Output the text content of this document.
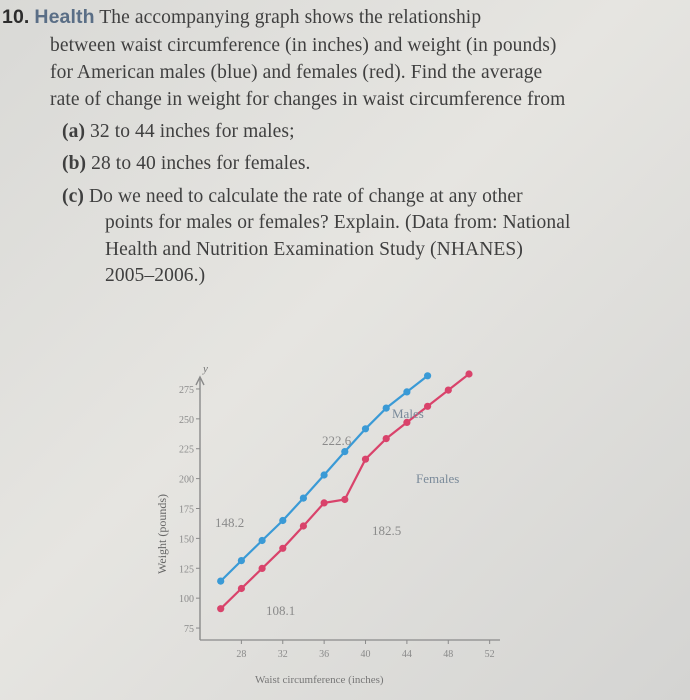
10. Health The accompanying graph shows the relationship
between waist circumference (in inches) and weight (in pounds)
for American males (blue) and females (red). Find the average
rate of change in weight for changes in waist circumference from
(a) 32 to 44 inches for males;
(b) 28 to 40 inches for females.
(c) Do we need to calculate the rate of change at any other
points for males or females? Explain. (Data from: National
Health and Nutrition Examination Study (NHANES)
2005–2006.)
75
100
125
150
175
200
225
250
275
28	32	36	40	44	48	52
y
Weight (pounds)
Waist circumference (inches)
Males
Females
148.2
222.6
108.1
182.5
